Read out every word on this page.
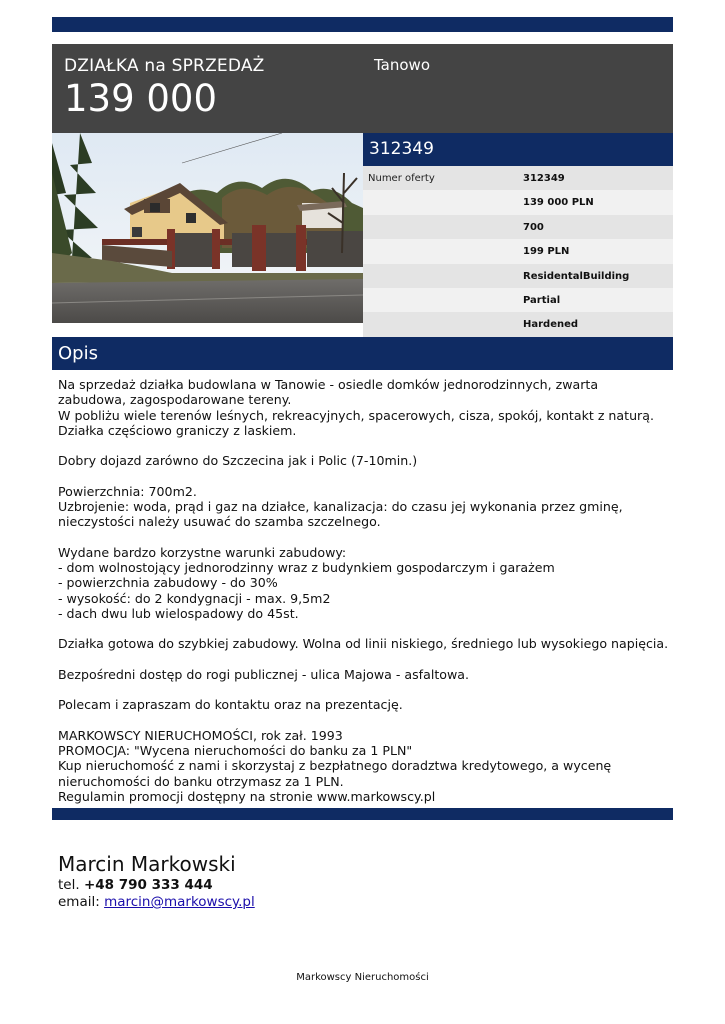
DZIAŁKA na SPRZEDAŻ
139 000
Tanowo
312349
Numer oferty	312349
139 000 PLN
700
199 PLN
ResidentalBuilding
Partial
Hardened
Opis

Na sprzedaż działka budowlana w Tanowie - osiedle domków jednorodzinnych, zwarta zabudowa, zagospodarowane tereny.
W pobliżu wiele terenów leśnych, rekreacyjnych, spacerowych, cisza, spokój, kontakt z naturą.
Działka częściowo graniczy z laskiem.

Dobry dojazd zarówno do Szczecina jak i Polic (7-10min.)

Powierzchnia: 700m2.
Uzbrojenie: woda, prąd i gaz na działce, kanalizacja: do czasu jej wykonania przez gminę, nieczystości należy usuwać do szamba szczelnego.

Wydane bardzo korzystne warunki zabudowy:
- dom wolnostojący jednorodzinny wraz z budynkiem gospodarczym i garażem
- powierzchnia zabudowy - do 30%
- wysokość: do 2 kondygnacji - max. 9,5m2
- dach dwu lub wielospadowy do 45st.

Działka gotowa do szybkiej zabudowy. Wolna od linii niskiego, średniego lub wysokiego napięcia.

Bezpośredni dostęp do rogi publicznej - ulica Majowa - asfaltowa.

Polecam i zapraszam do kontaktu oraz na prezentację.

MARKOWSCY NIERUCHOMOŚCI, rok zał. 1993
PROMOCJA: "Wycena nieruchomości do banku za 1 PLN"
Kup nieruchomość z nami i skorzystaj z bezpłatnego doradztwa kredytowego, a wycenę nieruchomości do banku otrzymasz za 1 PLN.
Regulamin promocji dostępny na stronie www.markowscy.pl

Marcin Markowski
tel. +48 790 333 444
email: marcin@markowscy.pl
Markowscy Nieruchomości
